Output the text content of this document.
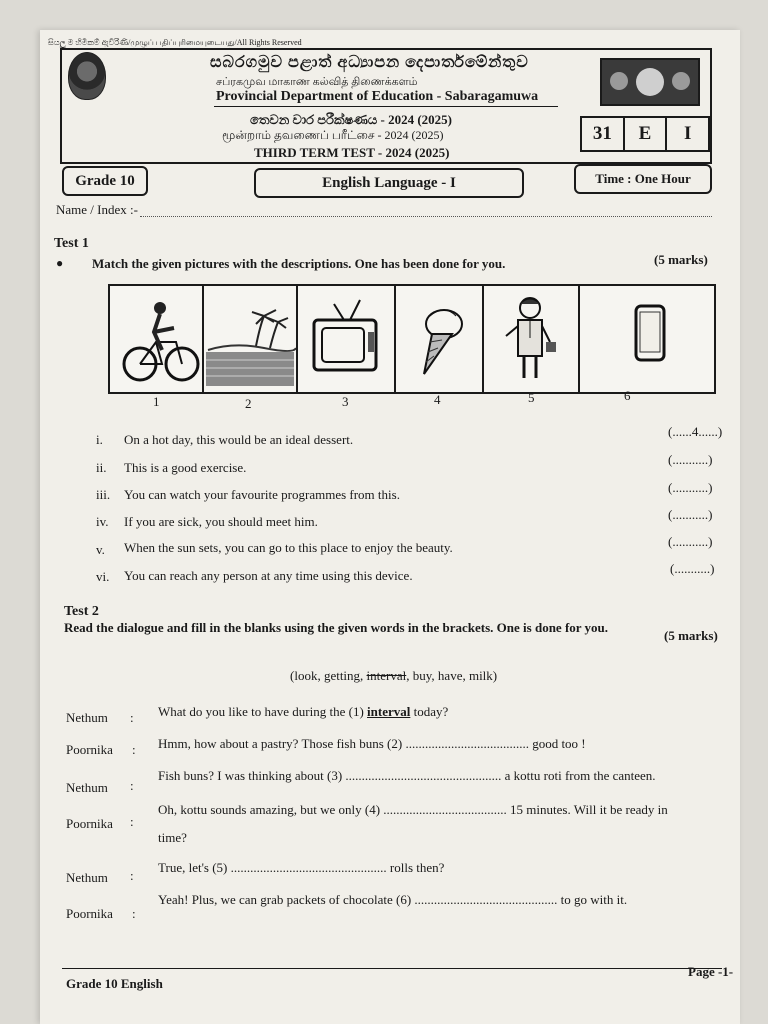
සියලු ම හිමිකම් ඇවිරිණි/முழுப் பதிப்புரிமையுடையது/All Rights Reserved
සබරගමුව පළාත් අධ්‍යාපන දෙපාර්තමේන්තුව
சப்ரகமுவ மாகாண கல்வித் திணைக்களம்
Provincial Department of Education - Sabaragamuwa
තෙවන වාර පරීක්ෂණය - 2024 (2025)
மூன்றாம் தவணைப் பரீட்சை - 2024 (2025)
THIRD TERM TEST - 2024 (2025)
31	E	I
Grade 10	English Language - I	Time : One Hour
Name / Index :-
Test 1
● Match the given pictures with the descriptions. One has been done for you.	(5 marks)
1	2	3	4	5	6
i.	On a hot day, this would be an ideal dessert.
(......4......)
ii.	This is a good exercise.
(...........)
iii.	You can watch your favourite programmes from this.	(...........)
iv.	If you are sick, you should meet him.	(...........)
v.	When the sun sets, you can go to this place to enjoy the beauty.	(...........)
vi.	You can reach any person at any time using this device.	(...........)
Test 2
Read the dialogue and fill in the blanks using the given words in the brackets. One is done for you.
(5 marks)
(look, getting, interval, buy, have, milk)
Nethum : What do you like to have during the (1) interval today?
Poornika : Hmm, how about a pastry? Those fish buns (2) ...................................... good too !
Nethum :
Fish buns? I was thinking about (3) ................................................ a kottu roti from the canteen.
Poornika :
Oh, kottu sounds amazing, but we only (4) ...................................... 15 minutes. Will it be ready in
time?
Nethum :
True, let's (5) ................................................ rolls then?
Poornika :
Yeah! Plus, we can grab packets of chocolate (6) ............................................ to go with it.
Grade 10 English
Page -1-
